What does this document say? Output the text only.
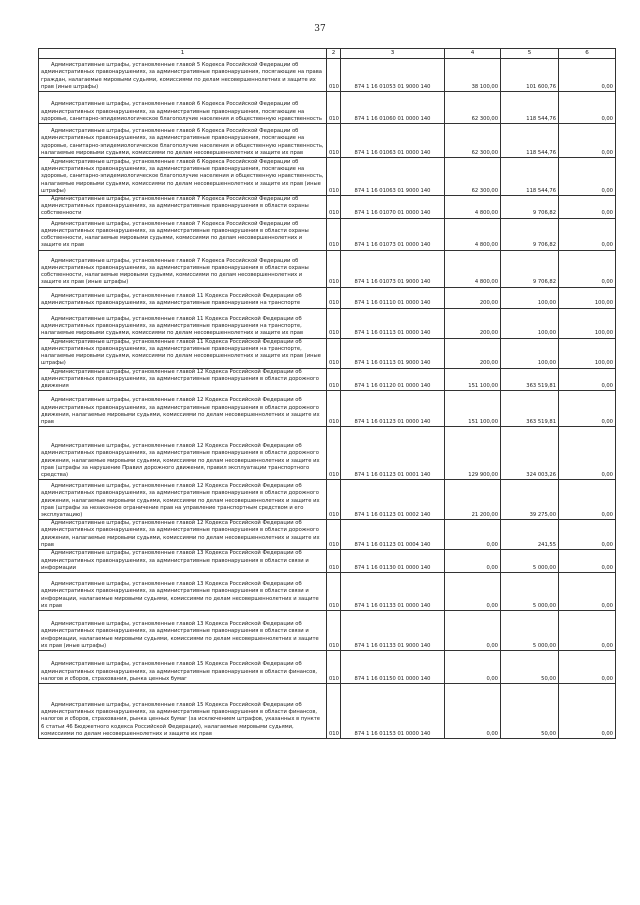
37
1	2	3	4	5	6

Административные штрафы, установленные главой 5 Кодекса Российской Федерации об административных правонарушениях, за административные правонарушения, посягающие на права граждан, налагаемые мировыми судьями, комиссиями по делам несовершеннолетних и защите их прав (иные штрафы)	010	874 1 16 01053 01 9000 140	38 100,00	101 600,76	0,00

Административные штрафы, установленные главой 6 Кодекса Российской Федерации об административных правонарушениях, за административные правонарушения, посягающие на здоровье, санитарно-эпидемиологическое благополучие населения и общественную нравственность	010	874 1 16 01060 01 0000 140	62 300,00	118 544,76	0,00

Административные штрафы, установленные главой 6 Кодекса Российской Федерации об административных правонарушениях, за административные правонарушения, посягающие на здоровье, санитарно-эпидемиологическое благополучие населения и общественную нравственность, налагаемые мировыми судьями, комиссиями по делам несовершеннолетних и защите их прав	010	874 1 16 01063 01 0000 140	62 300,00	118 544,76	0,00

Административные штрафы, установленные главой 6 Кодекса Российской Федерации об административных правонарушениях, за административные правонарушения, посягающие на здоровье, санитарно-эпидемиологическое благополучие населения и общественную нравственность, налагаемые мировыми судьями, комиссиями по делам несовершеннолетних и защите их прав (иные штрафы)	010	874 1 16 01063 01 9000 140	62 300,00	118 544,76	0,00

Административные штрафы, установленные главой 7 Кодекса Российской Федерации об административных правонарушениях, за административные правонарушения в области охраны собственности	010	874 1 16 01070 01 0000 140	4 800,00	9 706,82	0,00

Административные штрафы, установленные главой 7 Кодекса Российской Федерации об административных правонарушениях, за административные правонарушения в области охраны собственности, налагаемые мировыми судьями, комиссиями по делам несовершеннолетних и защите их прав	010	874 1 16 01073 01 0000 140	4 800,00	9 706,82	0,00

Административные штрафы, установленные главой 7 Кодекса Российской Федерации об административных правонарушениях, за административные правонарушения в области охраны собственности, налагаемые мировыми судьями, комиссиями по делам несовершеннолетних и защите их прав (иные штрафы)	010	874 1 16 01073 01 9000 140	4 800,00	9 706,82	0,00

Административные штрафы, установленные главой 11 Кодекса Российской Федерации об административных правонарушениях, за административные правонарушения на транспорте	010	874 1 16 01110 01 0000 140	200,00	100,00	100,00

Административные штрафы, установленные главой 11 Кодекса Российской Федерации об административных правонарушениях, за административные правонарушения на транспорте, налагаемые мировыми судьями, комиссиями по делам несовершеннолетних и защите их прав	010	874 1 16 01113 01 0000 140	200,00	100,00	100,00

Административные штрафы, установленные главой 11 Кодекса Российской Федерации об административных правонарушениях, за административные правонарушения на транспорте, налагаемые мировыми судьями, комиссиями по делам несовершеннолетних и защите их прав (иные штрафы)	010	874 1 16 01113 01 9000 140	200,00	100,00	100,00

Административные штрафы, установленные главой 12 Кодекса Российской Федерации об административных правонарушениях, за административные правонарушения в области дорожного движения	010	874 1 16 01120 01 0000 140	151 100,00	363 519,81	0,00

Административные штрафы, установленные главой 12 Кодекса Российской Федерации об административных правонарушениях, за административные правонарушения в области дорожного движения, налагаемые мировыми судьями, комиссиями по делам несовершеннолетних и защите их прав	010	874 1 16 01123 01 0000 140	151 100,00	363 519,81	0,00

Административные штрафы, установленные главой 12 Кодекса Российской Федерации об административных правонарушениях, за административные правонарушения в области дорожного движения, налагаемые мировыми судьями, комиссиями по делам несовершеннолетних и защите их прав (штрафы за нарушение Правил дорожного движения, правил эксплуатации транспортного средства)	010	874 1 16 01123 01 0001 140	129 900,00	324 003,26	0,00

Административные штрафы, установленные главой 12 Кодекса Российской Федерации об административных правонарушениях, за административные правонарушения в области дорожного движения, налагаемые мировыми судьями, комиссиями по делам несовершеннолетних и защите их прав (штрафы за незаконное ограничение прав на управление транспортным средством и его эксплуатацию)	010	874 1 16 01123 01 0002 140	21 200,00	39 275,00	0,00

Административные штрафы, установленные главой 12 Кодекса Российской Федерации об административных правонарушениях, за административные правонарушения в области дорожного движения, налагаемые мировыми судьями, комиссиями по делам несовершеннолетних и защите их прав	010	874 1 16 01123 01 0004 140	0,00	241,55	0,00

Административные штрафы, установленные главой 13 Кодекса Российской Федерации об административных правонарушениях, за административные правонарушения в области связи и информации	010	874 1 16 01130 01 0000 140	0,00	5 000,00	0,00

Административные штрафы, установленные главой 13 Кодекса Российской Федерации об административных правонарушениях, за административные правонарушения в области связи и информации, налагаемые мировыми судьями, комиссиями по делам несовершеннолетних и защите их прав	010	874 1 16 01133 01 0000 140	0,00	5 000,00	0,00

Административные штрафы, установленные главой 13 Кодекса Российской Федерации об административных правонарушениях, за административные правонарушения в области связи и информации, налагаемые мировыми судьями, комиссиями по делам несовершеннолетних и защите их прав (иные штрафы)	010	874 1 16 01133 01 9000 140	0,00	5 000,00	0,00

Административные штрафы, установленные главой 15 Кодекса Российской Федерации об административных правонарушениях, за административные правонарушения в области финансов, налогов и сборов, страхования, рынка ценных бумаг	010	874 1 16 01150 01 0000 140	0,00	50,00	0,00

Административные штрафы, установленные главой 15 Кодекса Российской Федерации об административных правонарушениях, за административные правонарушения в области финансов, налогов и сборов, страхования, рынка ценных бумаг (за исключением штрафов, указанных в пункте 6 статьи 46 Бюджетного кодекса Российской Федерации), налагаемые мировыми судьями, комиссиями по делам несовершеннолетних и защите их прав	010	874 1 16 01153 01 0000 140	0,00	50,00	0,00
